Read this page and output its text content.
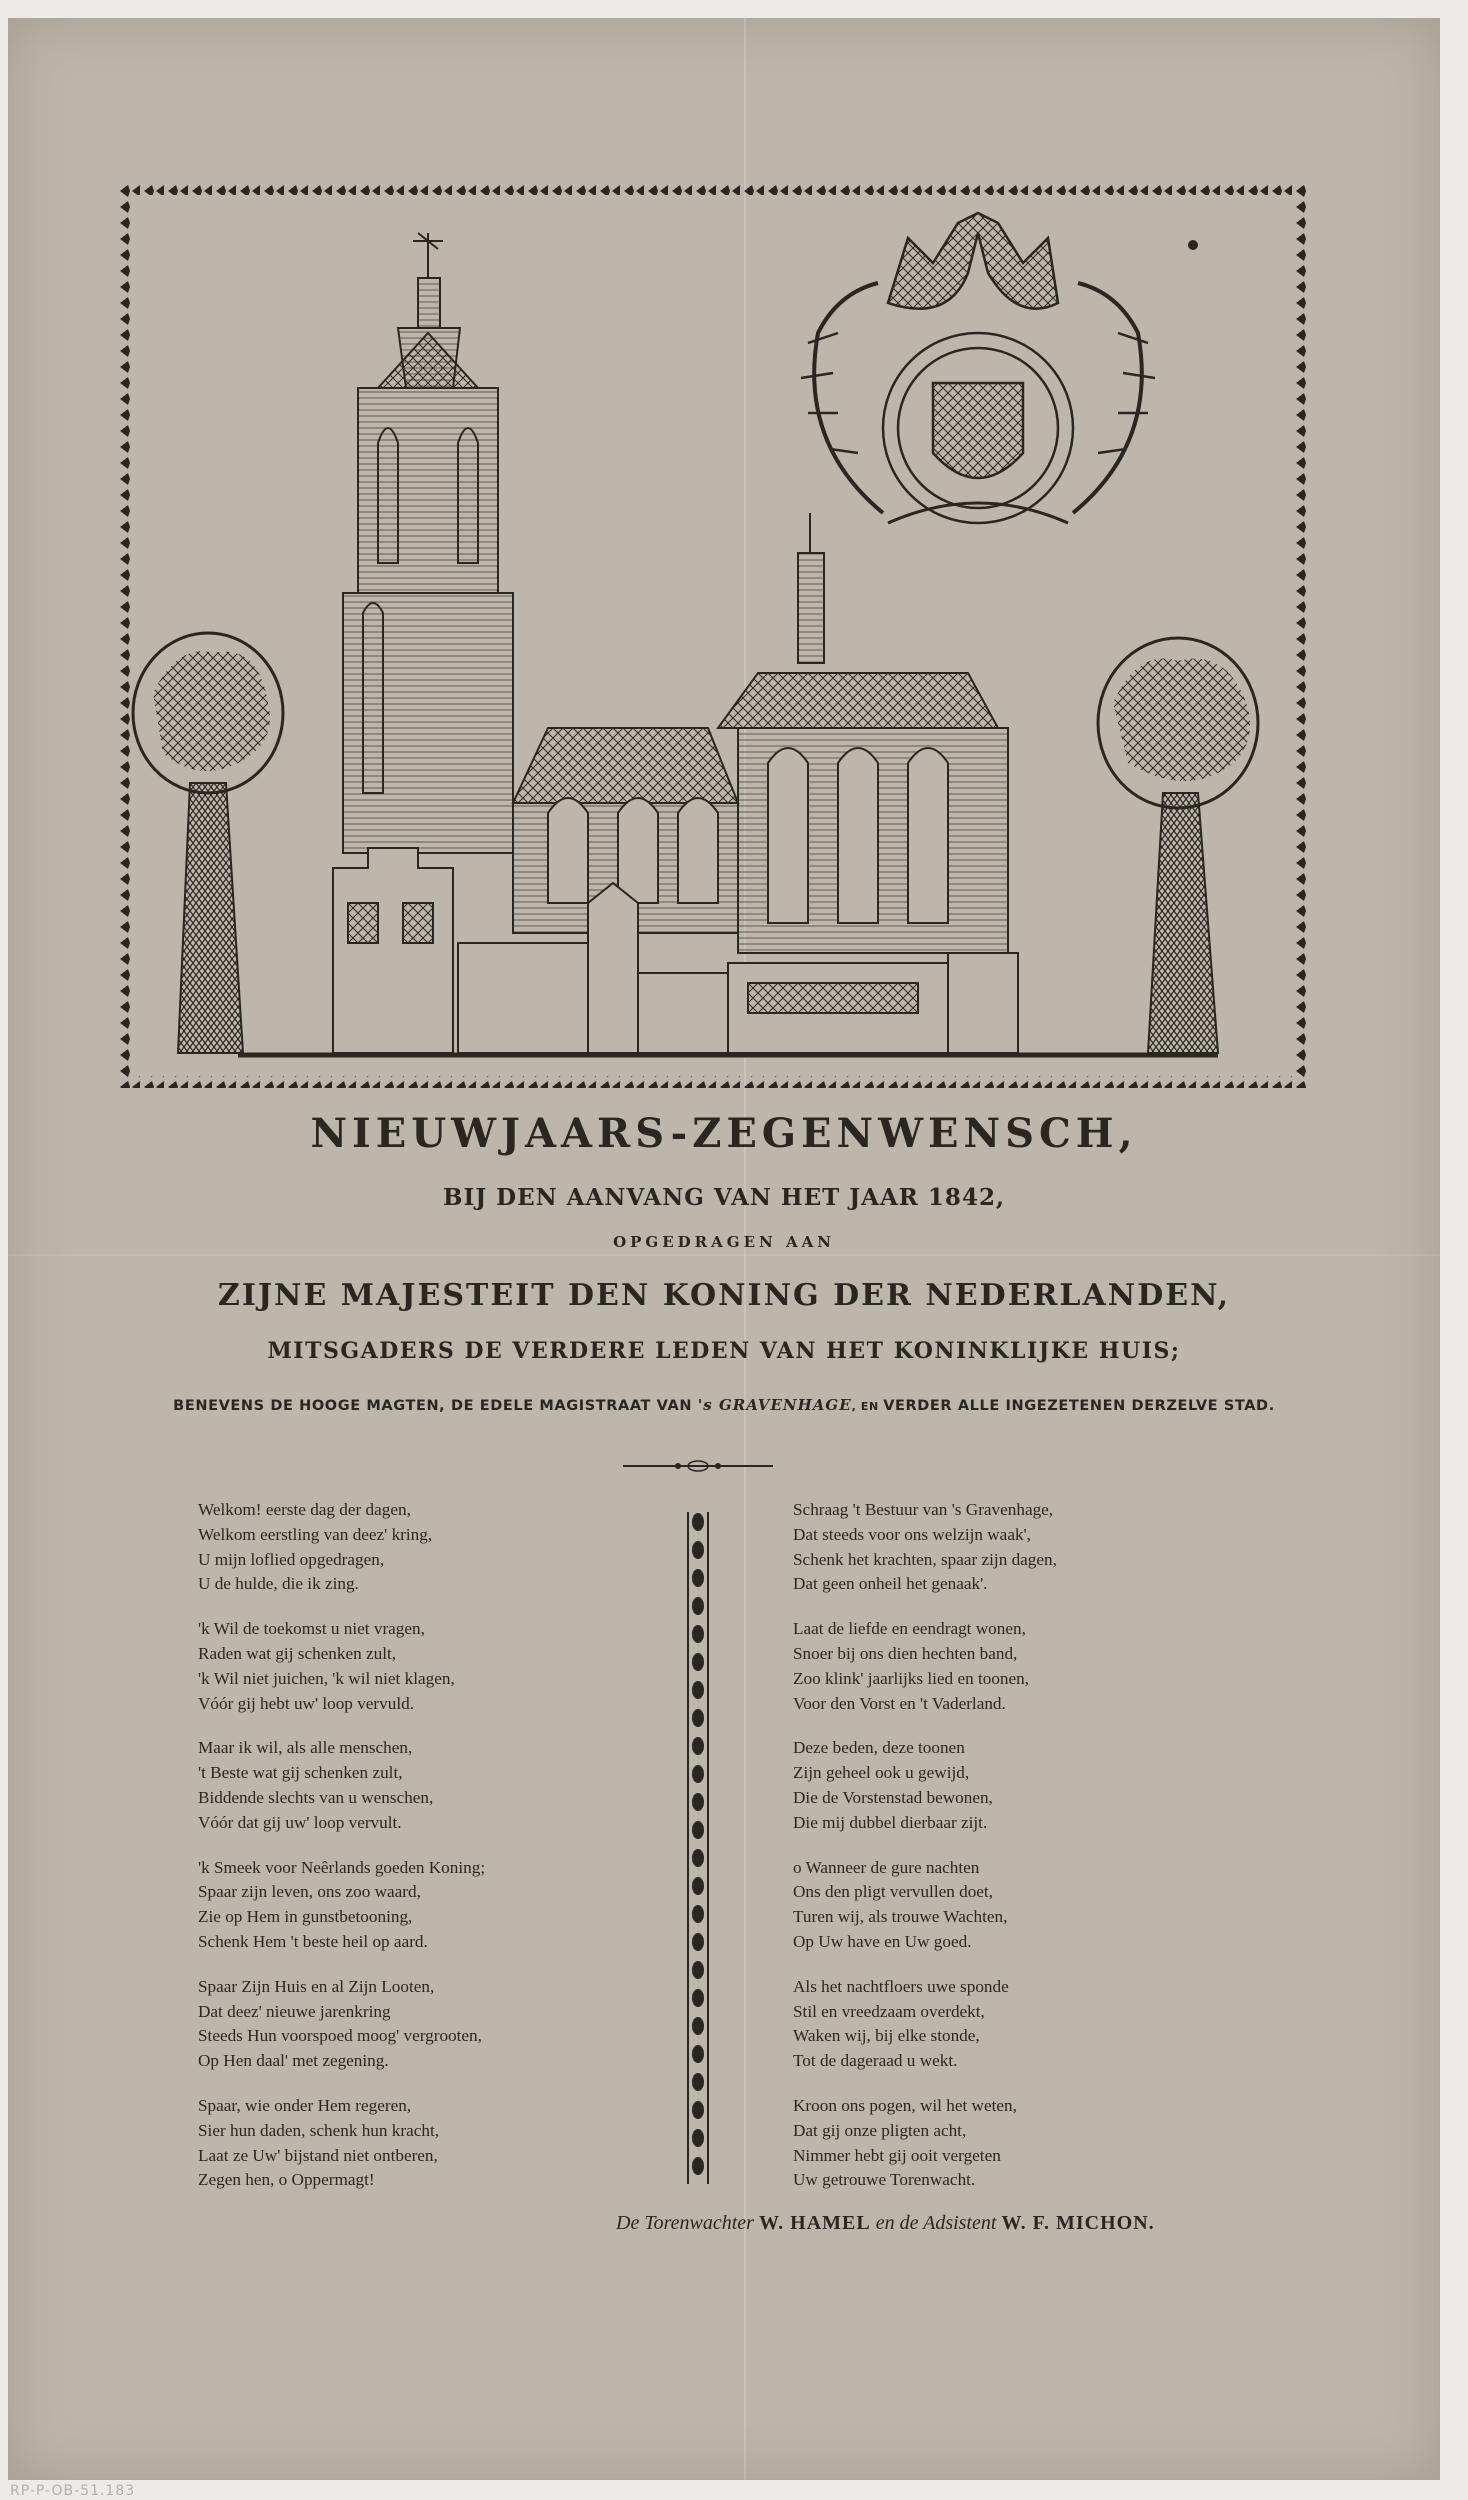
NIEUWJAARS-ZEGENWENSCH,
BIJ DEN AANVANG VAN HET JAAR 1842,
OPGEDRAGEN AAN
ZIJNE MAJESTEIT DEN KONING DER NEDERLANDEN,
MITSGADERS DE VERDERE LEDEN VAN HET KONINKLIJKE HUIS;
BENEVENS DE HOOGE MAGTEN, DE EDELE MAGISTRAAT VAN 's GRAVENHAGE, EN VERDER ALLE INGEZETENEN DERZELVE STAD.
Welkom! eerste dag der dagen,
Welkom eerstling van deez' kring,
U mijn loflied opgedragen,
U de hulde, die ik zing.
'k Wil de toekomst u niet vragen,
Raden wat gij schenken zult,
'k Wil niet juichen, 'k wil niet klagen,
Vóór gij hebt uw' loop vervuld.
Maar ik wil, als alle menschen,
't Beste wat gij schenken zult,
Biddende slechts van u wenschen,
Vóór dat gij uw' loop vervult.
'k Smeek voor Neêrlands goeden Koning;
Spaar zijn leven, ons zoo waard,
Zie op Hem in gunstbetooning,
Schenk Hem 't beste heil op aard.
Spaar Zijn Huis en al Zijn Looten,
Dat deez' nieuwe jarenkring
Steeds Hun voorspoed moog' vergrooten,
Op Hen daal' met zegening.
Spaar, wie onder Hem regeren,
Sier hun daden, schenk hun kracht,
Laat ze Uw' bijstand niet ontberen,
Zegen hen, o Oppermagt!
Schraag 't Bestuur van 's Gravenhage,
Dat steeds voor ons welzijn waak',
Schenk het krachten, spaar zijn dagen,
Dat geen onheil het genaak'.
Laat de liefde en eendragt wonen,
Snoer bij ons dien hechten band,
Zoo klink' jaarlijks lied en toonen,
Voor den Vorst en 't Vaderland.
Deze beden, deze toonen
Zijn geheel ook u gewijd,
Die de Vorstenstad bewonen,
Die mij dubbel dierbaar zijt.
o Wanneer de gure nachten
Ons den pligt vervullen doet,
Turen wij, als trouwe Wachten,
Op Uw have en Uw goed.
Als het nachtfloers uwe sponde
Stil en vreedzaam overdekt,
Waken wij, bij elke stonde,
Tot de dageraad u wekt.
Kroon ons pogen, wil het weten,
Dat gij onze pligten acht,
Nimmer hebt gij ooit vergeten
Uw getrouwe Torenwacht.
De Torenwachter W. HAMEL en de Adsistent W. F. MICHON.
RP-P-OB-51.183
